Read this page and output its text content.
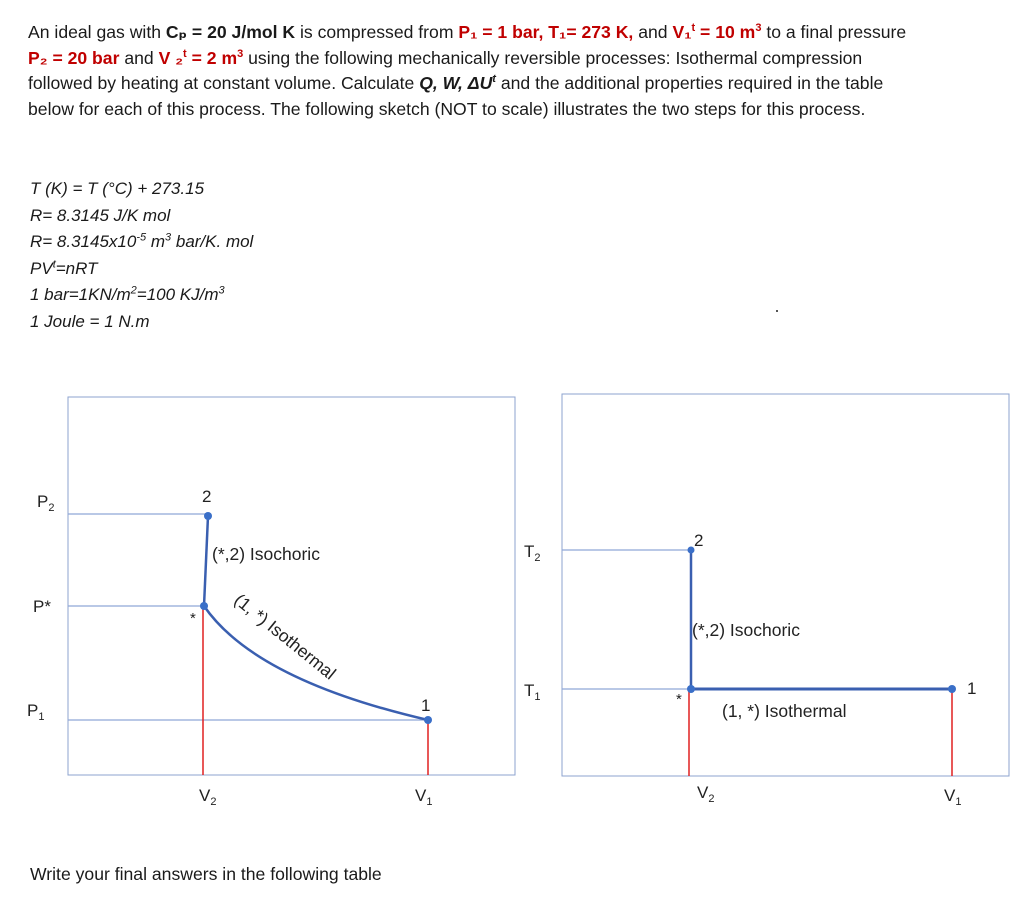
An ideal gas with Cₚ = 20 J/mol K is compressed from P₁ = 1 bar, T₁= 273 K, and V₁$^t$ = 10 $m^3$ to a final pressure P₂ = 20 bar and V ₂$^t$ = 2 $m^3$ using the following mechanically reversible processes: Isothermal compression followed by heating at constant volume. Calculate Q, W, $\Delta U^t$ and the additional properties required in the table below for each of this process. The following sketch (NOT to scale) illustrates the two steps for this process.

T (K) = T (°C) + 273.15
R= 8.3145 J/K mol
$R= 8.3145x10^{-5}$ $m^3$ bar/K. mol
$PV^t=nRT$
1 $bar=1KN/m^2=100$ $KJ/m^3$
1 Joule = 1 N.m
$P_2$
P*
$P_1$
2
*
1
(*,2) Isochoric
(1, *) Isothermal
$V_2$	$V_1$
$T_2$
$T_1$
2
*
1
(*,2) Isochoric
(1, *) Isothermal
$V_2$	$V_1$
Write your final answers in the following table
